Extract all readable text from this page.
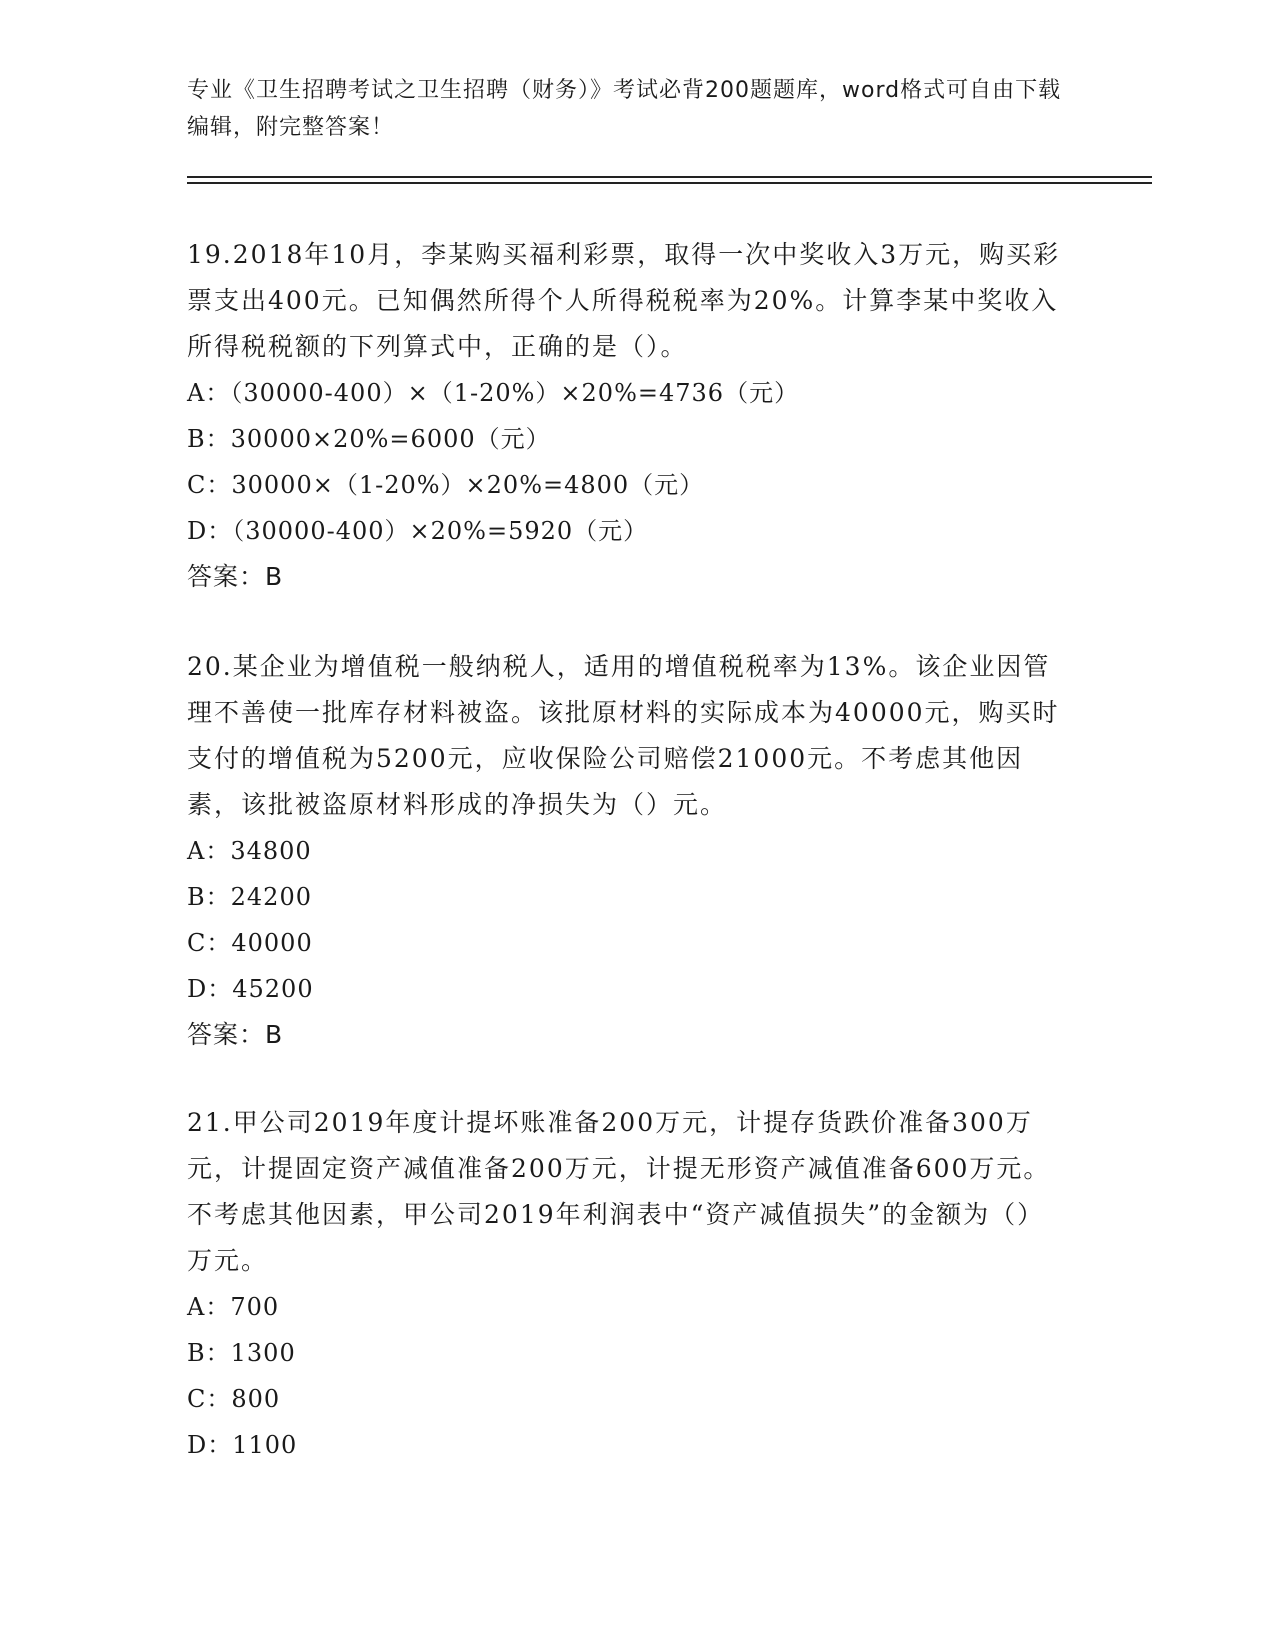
专业《卫生招聘考试之卫生招聘（财务）》考试必背200题题库，word格式可自由下载编辑，附完整答案！

19.2018年10月，李某购买福利彩票，取得一次中奖收入3万元，购买彩票支出400元。已知偶然所得个人所得税税率为20%。计算李某中奖收入所得税税额的下列算式中，正确的是（）。

A：（30000-400）×（1-20%）×20%=4736（元）
B：30000×20%=6000（元）
C：30000×（1-20%）×20%=4800（元）
D：（30000-400）×20%=5920（元）
答案：B

20.某企业为增值税一般纳税人，适用的增值税税率为13%。该企业因管理不善使一批库存材料被盗。该批原材料的实际成本为40000元，购买时支付的增值税为5200元，应收保险公司赔偿21000元。不考虑其他因素，该批被盗原材料形成的净损失为（）元。

A：34800
B：24200
C：40000
D：45200
答案：B

21.甲公司2019年度计提坏账准备200万元，计提存货跌价准备300万元，计提固定资产减值准备200万元，计提无形资产减值准备600万元。不考虑其他因素，甲公司2019年利润表中“资产减值损失”的金额为（）万元。

A：700
B：1300
C：800
D：1100
